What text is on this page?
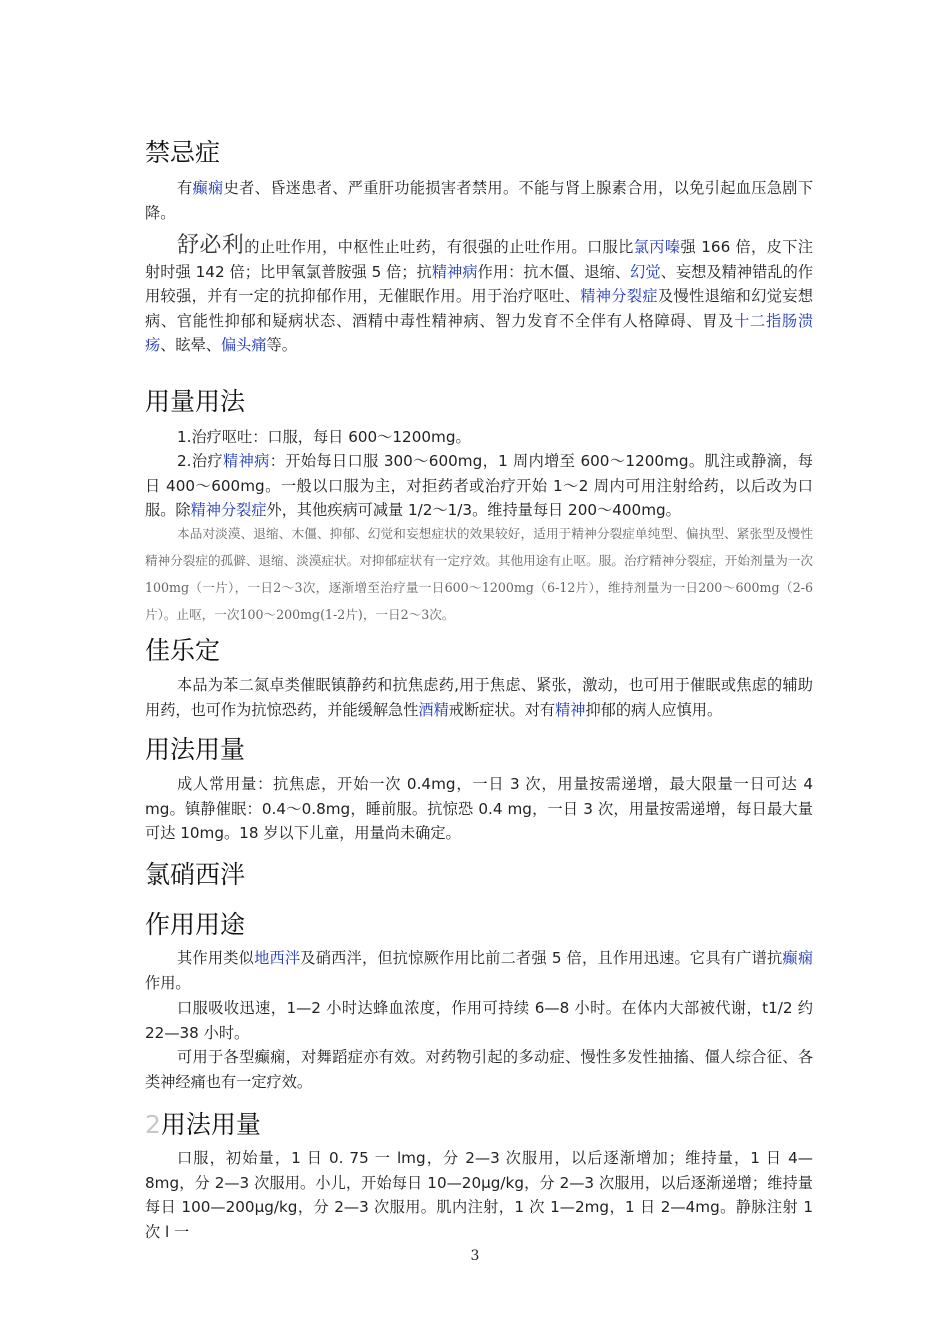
禁忌症
有癫痫史者、昏迷患者、严重肝功能损害者禁用。不能与肾上腺素合用，以免引起血压急剧下降。
舒必利的止吐作用，中枢性止吐药，有很强的止吐作用。口服比氯丙嗪强 166 倍，皮下注射时强 142 倍；比甲氧氯普胺强 5 倍；抗精神病作用：抗木僵、退缩、幻觉、妄想及精神错乱的作用较强，并有一定的抗抑郁作用，无催眠作用。用于治疗呕吐、精神分裂症及慢性退缩和幻觉妄想病、官能性抑郁和疑病状态、酒精中毒性精神病、智力发育不全伴有人格障碍、胃及十二指肠溃疡、眩晕、偏头痛等。
用量用法
1.治疗呕吐：口服，每日 600～1200mg。
2.治疗精神病：开始每日口服 300～600mg，1 周内增至 600～1200mg。肌注或静滴，每日 400～600mg。一般以口服为主，对拒药者或治疗开始 1～2 周内可用注射给药，以后改为口服。除精神分裂症外，其他疾病可减量 1/2～1/3。维持量每日 200～400mg。
本品对淡漠、退缩、木僵、抑郁、幻觉和妄想症状的效果较好，适用于精神分裂症单纯型、偏执型、紧张型及慢性精神分裂症的孤僻、退缩、淡漠症状。对抑郁症状有一定疗效。其他用途有止呕。服。治疗精神分裂症，开始剂量为一次100mg（一片），一日2～3次，逐渐增至治疗量一日600～1200mg（6-12片），维持剂量为一日200～600mg（2-6片）。止呕，一次100～200mg(1-2片)，一日2～3次。
佳乐定
本品为苯二氮卓类催眠镇静药和抗焦虑药,用于焦虑、紧张，激动，也可用于催眠或焦虑的辅助用药，也可作为抗惊恐药，并能缓解急性酒精戒断症状。对有精神抑郁的病人应慎用。
用法用量
成人常用量：抗焦虑，开始一次 0.4mg，一日 3 次，用量按需递增，最大限量一日可达 4 mg。镇静催眠：0.4～0.8mg，睡前服。抗惊恐 0.4 mg，一日 3 次，用量按需递增，每日最大量可达 10mg。18 岁以下儿童，用量尚未确定。
氯硝西泮
作用用途
其作用类似地西泮及硝西泮，但抗惊厥作用比前二者强 5 倍，且作用迅速。它具有广谱抗癫痫作用。
口服吸收迅速，1—2 小时达蜂血浓度，作用可持续 6—8 小时。在体内大部被代谢，t1/2 约 22—38 小时。
可用于各型癫痫，对舞蹈症亦有效。对药物引起的多动症、慢性多发性抽搐、僵人综合征、各类神经痛也有一定疗效。
2用法用量
口服，初始量，1 日 0. 75 一 lmg，分 2—3 次服用，以后逐渐增加；维持量，1 日 4—8mg，分 2—3 次服用。小儿，开始每日 10—20μg/kg，分 2—3 次服用，以后逐渐递增；维持量每日 100—200μg/kg，分 2—3 次服用。肌内注射，1 次 1—2mg，1 日 2—4mg。静脉注射 1 次 l 一
3
